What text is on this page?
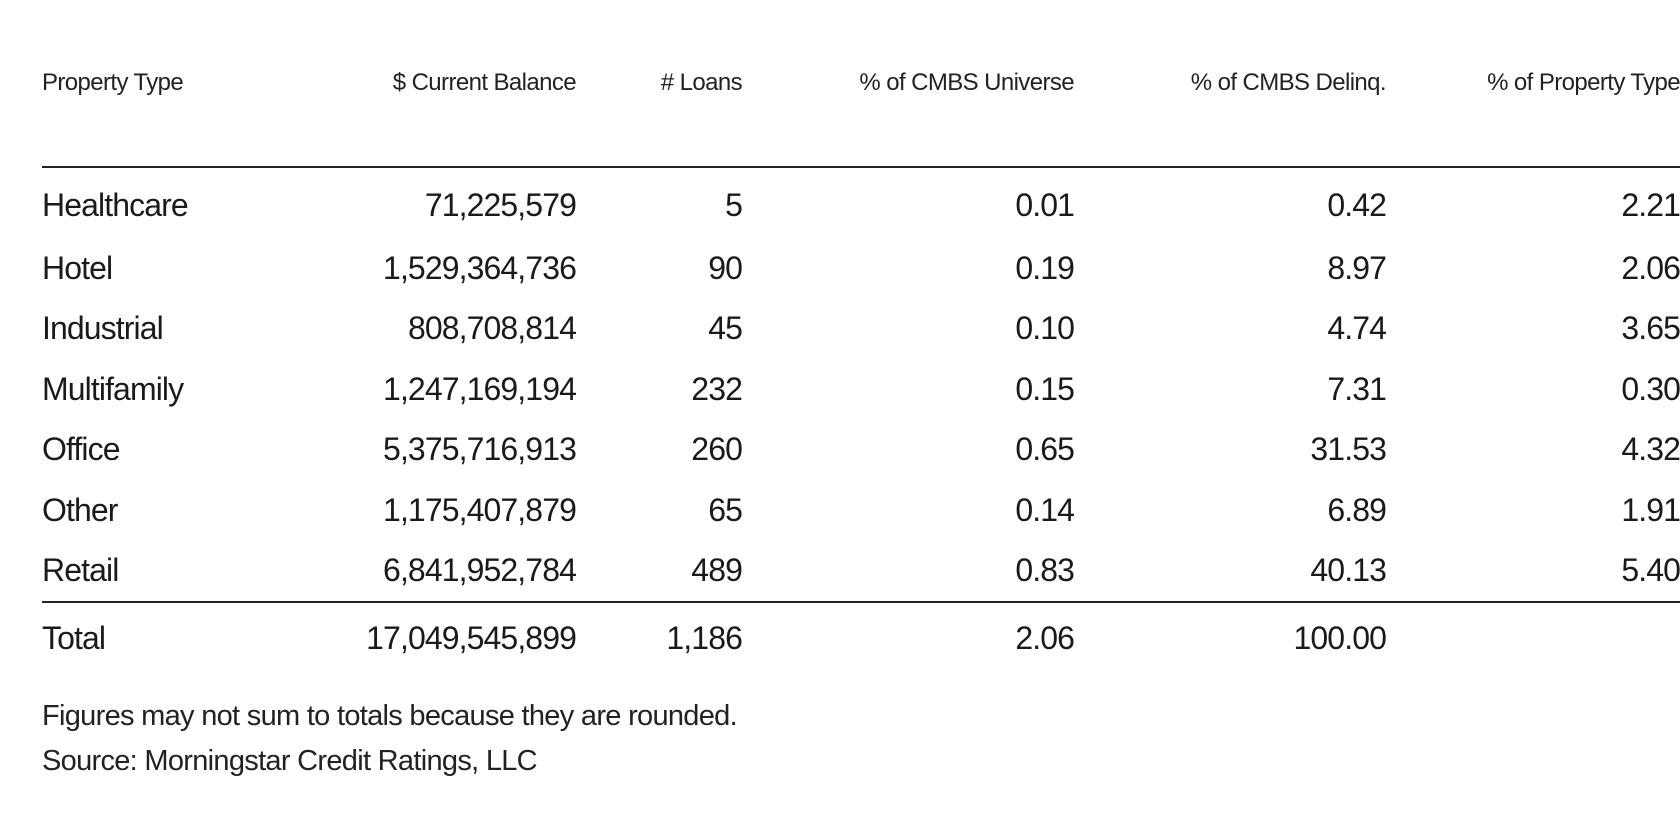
Property Type	$ Current Balance	# Loans	% of CMBS Universe	% of CMBS Delinq.	% of Property Type

Healthcare	71,225,579	5	0.01	0.42	2.21
Hotel	1,529,364,736	90	0.19	8.97	2.06
Industrial	808,708,814	45	0.10	4.74	3.65
Multifamily	1,247,169,194	232	0.15	7.31	0.30
Office	5,375,716,913	260	0.65	31.53	4.32
Other	1,175,407,879	65	0.14	6.89	1.91
Retail	6,841,952,784	489	0.83	40.13	5.40
Total	17,049,545,899	1,186	2.06	100.00	
Figures may not sum to totals because they are rounded.
Source: Morningstar Credit Ratings, LLC
